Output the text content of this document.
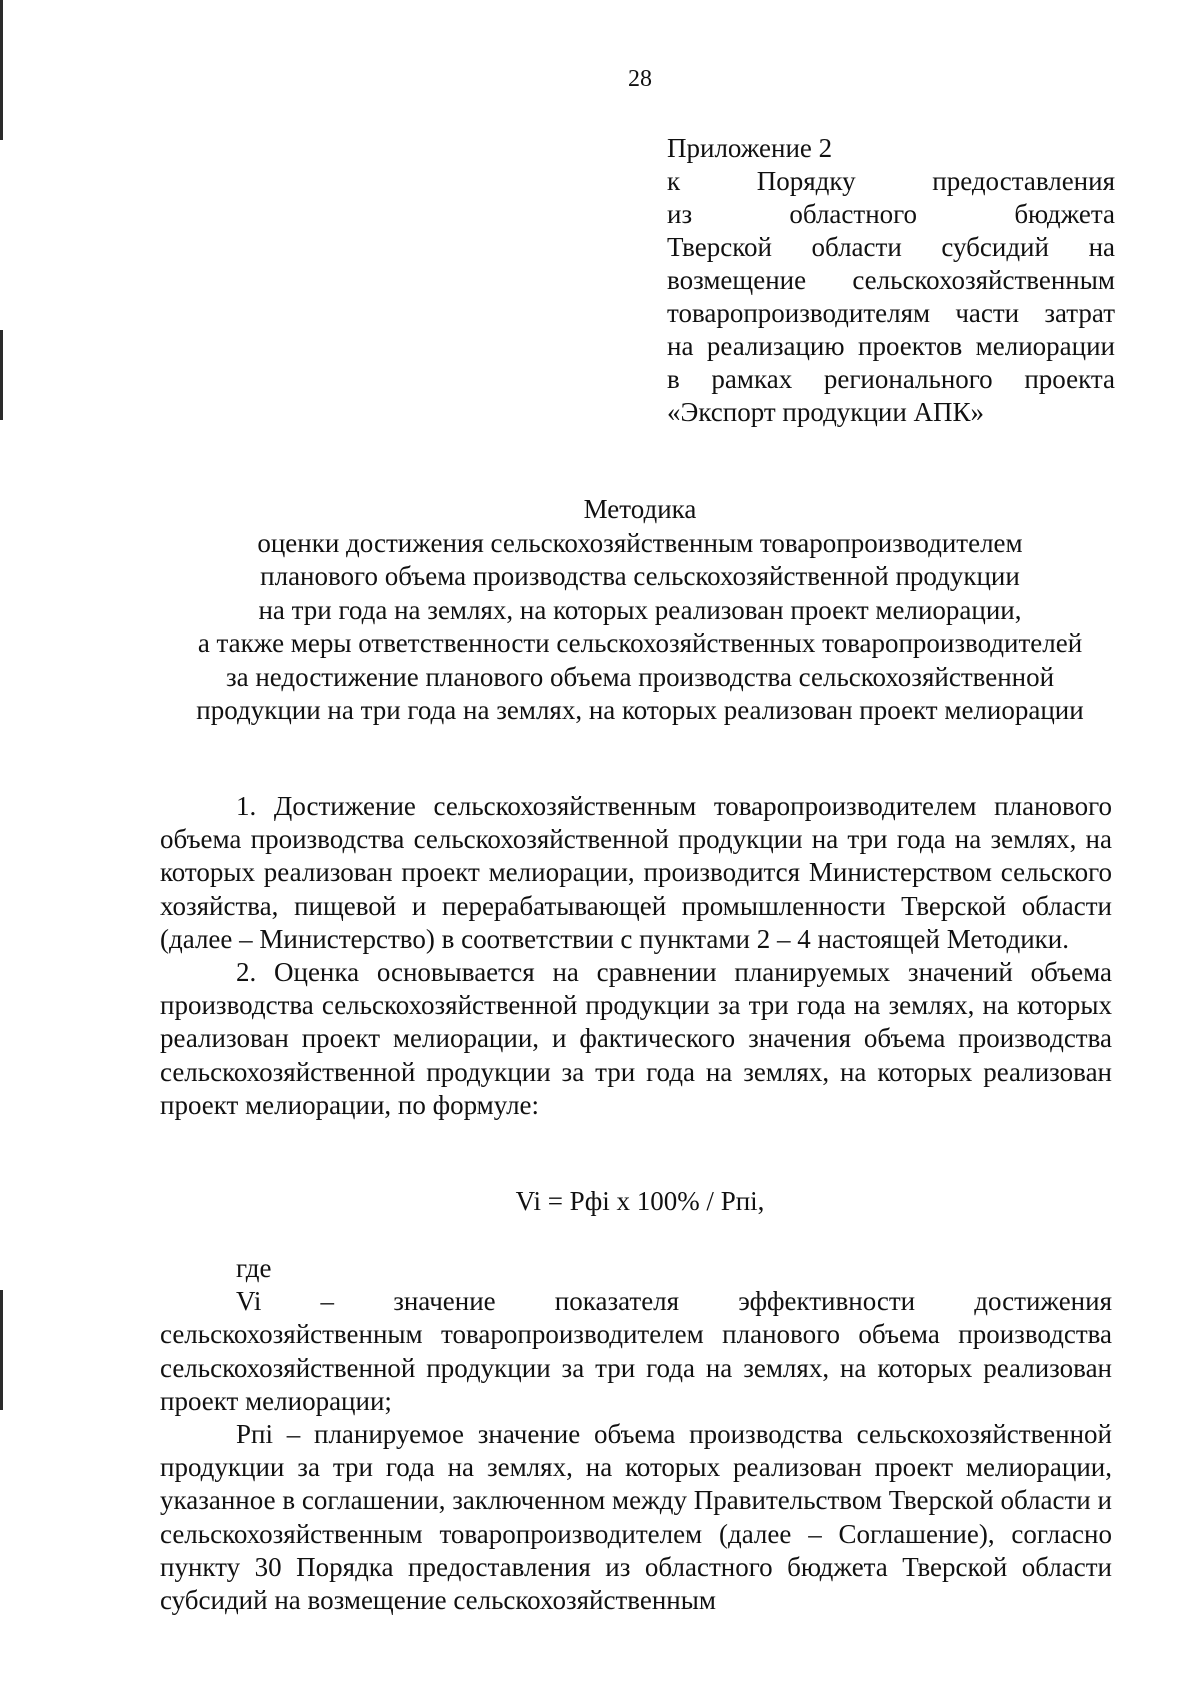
28
Приложение 2
к Порядку предоставления
из областного бюджета
Тверской области субсидий на
возмещение сельскохозяйственным
товаропроизводителям части затрат
на реализацию проектов мелиорации
в рамках регионального проекта
«Экспорт продукции АПК»
Методика
оценки достижения сельскохозяйственным товаропроизводителем
планового объема производства сельскохозяйственной продукции
на три года на землях, на которых реализован проект мелиорации,
а также меры ответственности сельскохозяйственных товаропроизводителей
за недостижение планового объема производства сельскохозяйственной
продукции на три года на землях, на которых реализован проект мелиорации

1. Достижение сельскохозяйственным товаропроизводителем планового объема производства сельскохозяйственной продукции на три года на землях, на которых реализован проект мелиорации, производится Министерством сельского хозяйства, пищевой и перерабатывающей промышленности Тверской области (далее – Министерство) в соответствии с пунктами 2 – 4 настоящей Методики.

2. Оценка основывается на сравнении планируемых значений объема производства сельскохозяйственной продукции за три года на землях, на которых реализован проект мелиорации, и фактического значения объема производства сельскохозяйственной продукции за три года на землях, на которых реализован проект мелиорации, по формуле:

Vi = Pфi x 100% / Pпi,

где

Vi – значение показателя эффективности достижения сельскохозяйственным товаропроизводителем планового объема производства сельскохозяйственной продукции за три года на землях, на которых реализован проект мелиорации;

Pпi – планируемое значение объема производства сельскохозяйственной продукции за три года на землях, на которых реализован проект мелиорации, указанное в соглашении, заключенном между Правительством Тверской области и сельскохозяйственным товаропроизводителем (далее – Соглашение), согласно пункту 30 Порядка предоставления из областного бюджета Тверской области субсидий на возмещение сельскохозяйственным
